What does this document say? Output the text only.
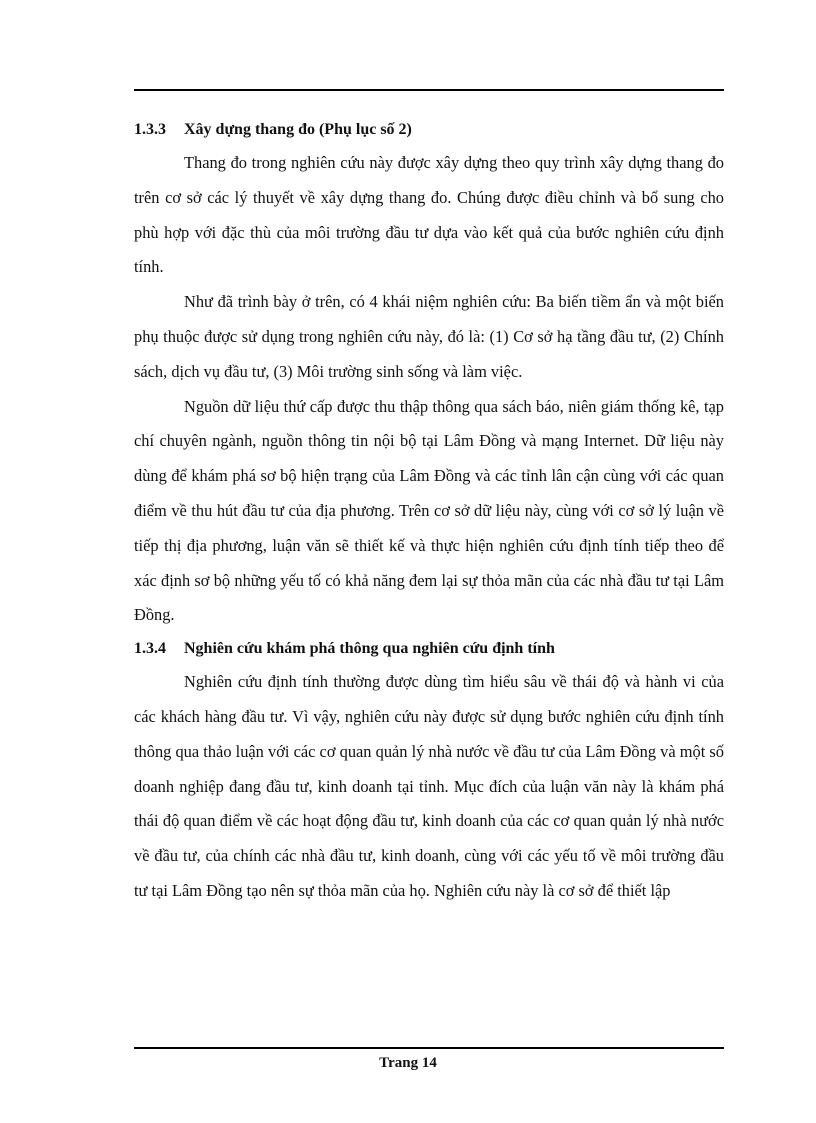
1.3.3 Xây dựng thang đo (Phụ lục số 2)

Thang đo trong nghiên cứu này được xây dựng theo quy trình xây dựng thang đo trên cơ sở các lý thuyết về xây dựng thang đo. Chúng được điều chỉnh và bổ sung cho phù hợp với đặc thù của môi trường đầu tư dựa vào kết quả của bước nghiên cứu định tính.

Như đã trình bày ở trên, có 4 khái niệm nghiên cứu: Ba biến tiềm ẩn và một biến phụ thuộc được sử dụng trong nghiên cứu này, đó là: (1) Cơ sở hạ tầng đầu tư, (2) Chính sách, dịch vụ đầu tư, (3) Môi trường sinh sống và làm việc.

Nguồn dữ liệu thứ cấp được thu thập thông qua sách báo, niên giám thống kê, tạp chí chuyên ngành, nguồn thông tin nội bộ tại Lâm Đồng và mạng Internet. Dữ liệu này dùng để khám phá sơ bộ hiện trạng của Lâm Đồng và các tỉnh lân cận cùng với các quan điểm về thu hút đầu tư của địa phương. Trên cơ sở dữ liệu này, cùng với cơ sở lý luận về tiếp thị địa phương, luận văn sẽ thiết kế và thực hiện nghiên cứu định tính tiếp theo để xác định sơ bộ những yếu tố có khả năng đem lại sự thỏa mãn của các nhà đầu tư tại Lâm Đồng.

1.3.4 Nghiên cứu khám phá thông qua nghiên cứu định tính

Nghiên cứu định tính thường được dùng tìm hiểu sâu về thái độ và hành vi của các khách hàng đầu tư. Vì vậy, nghiên cứu này được sử dụng bước nghiên cứu định tính thông qua thảo luận với các cơ quan quản lý nhà nước về đầu tư của Lâm Đồng và một số doanh nghiệp đang đầu tư, kinh doanh tại tỉnh. Mục đích của luận văn này là khám phá thái độ quan điểm về các hoạt động đầu tư, kinh doanh của các cơ quan quản lý nhà nước về đầu tư, của chính các nhà đầu tư, kinh doanh, cùng với các yếu tố về môi trường đầu tư tại Lâm Đồng tạo nên sự thỏa mãn của họ. Nghiên cứu này là cơ sở để thiết lập

Trang 14
